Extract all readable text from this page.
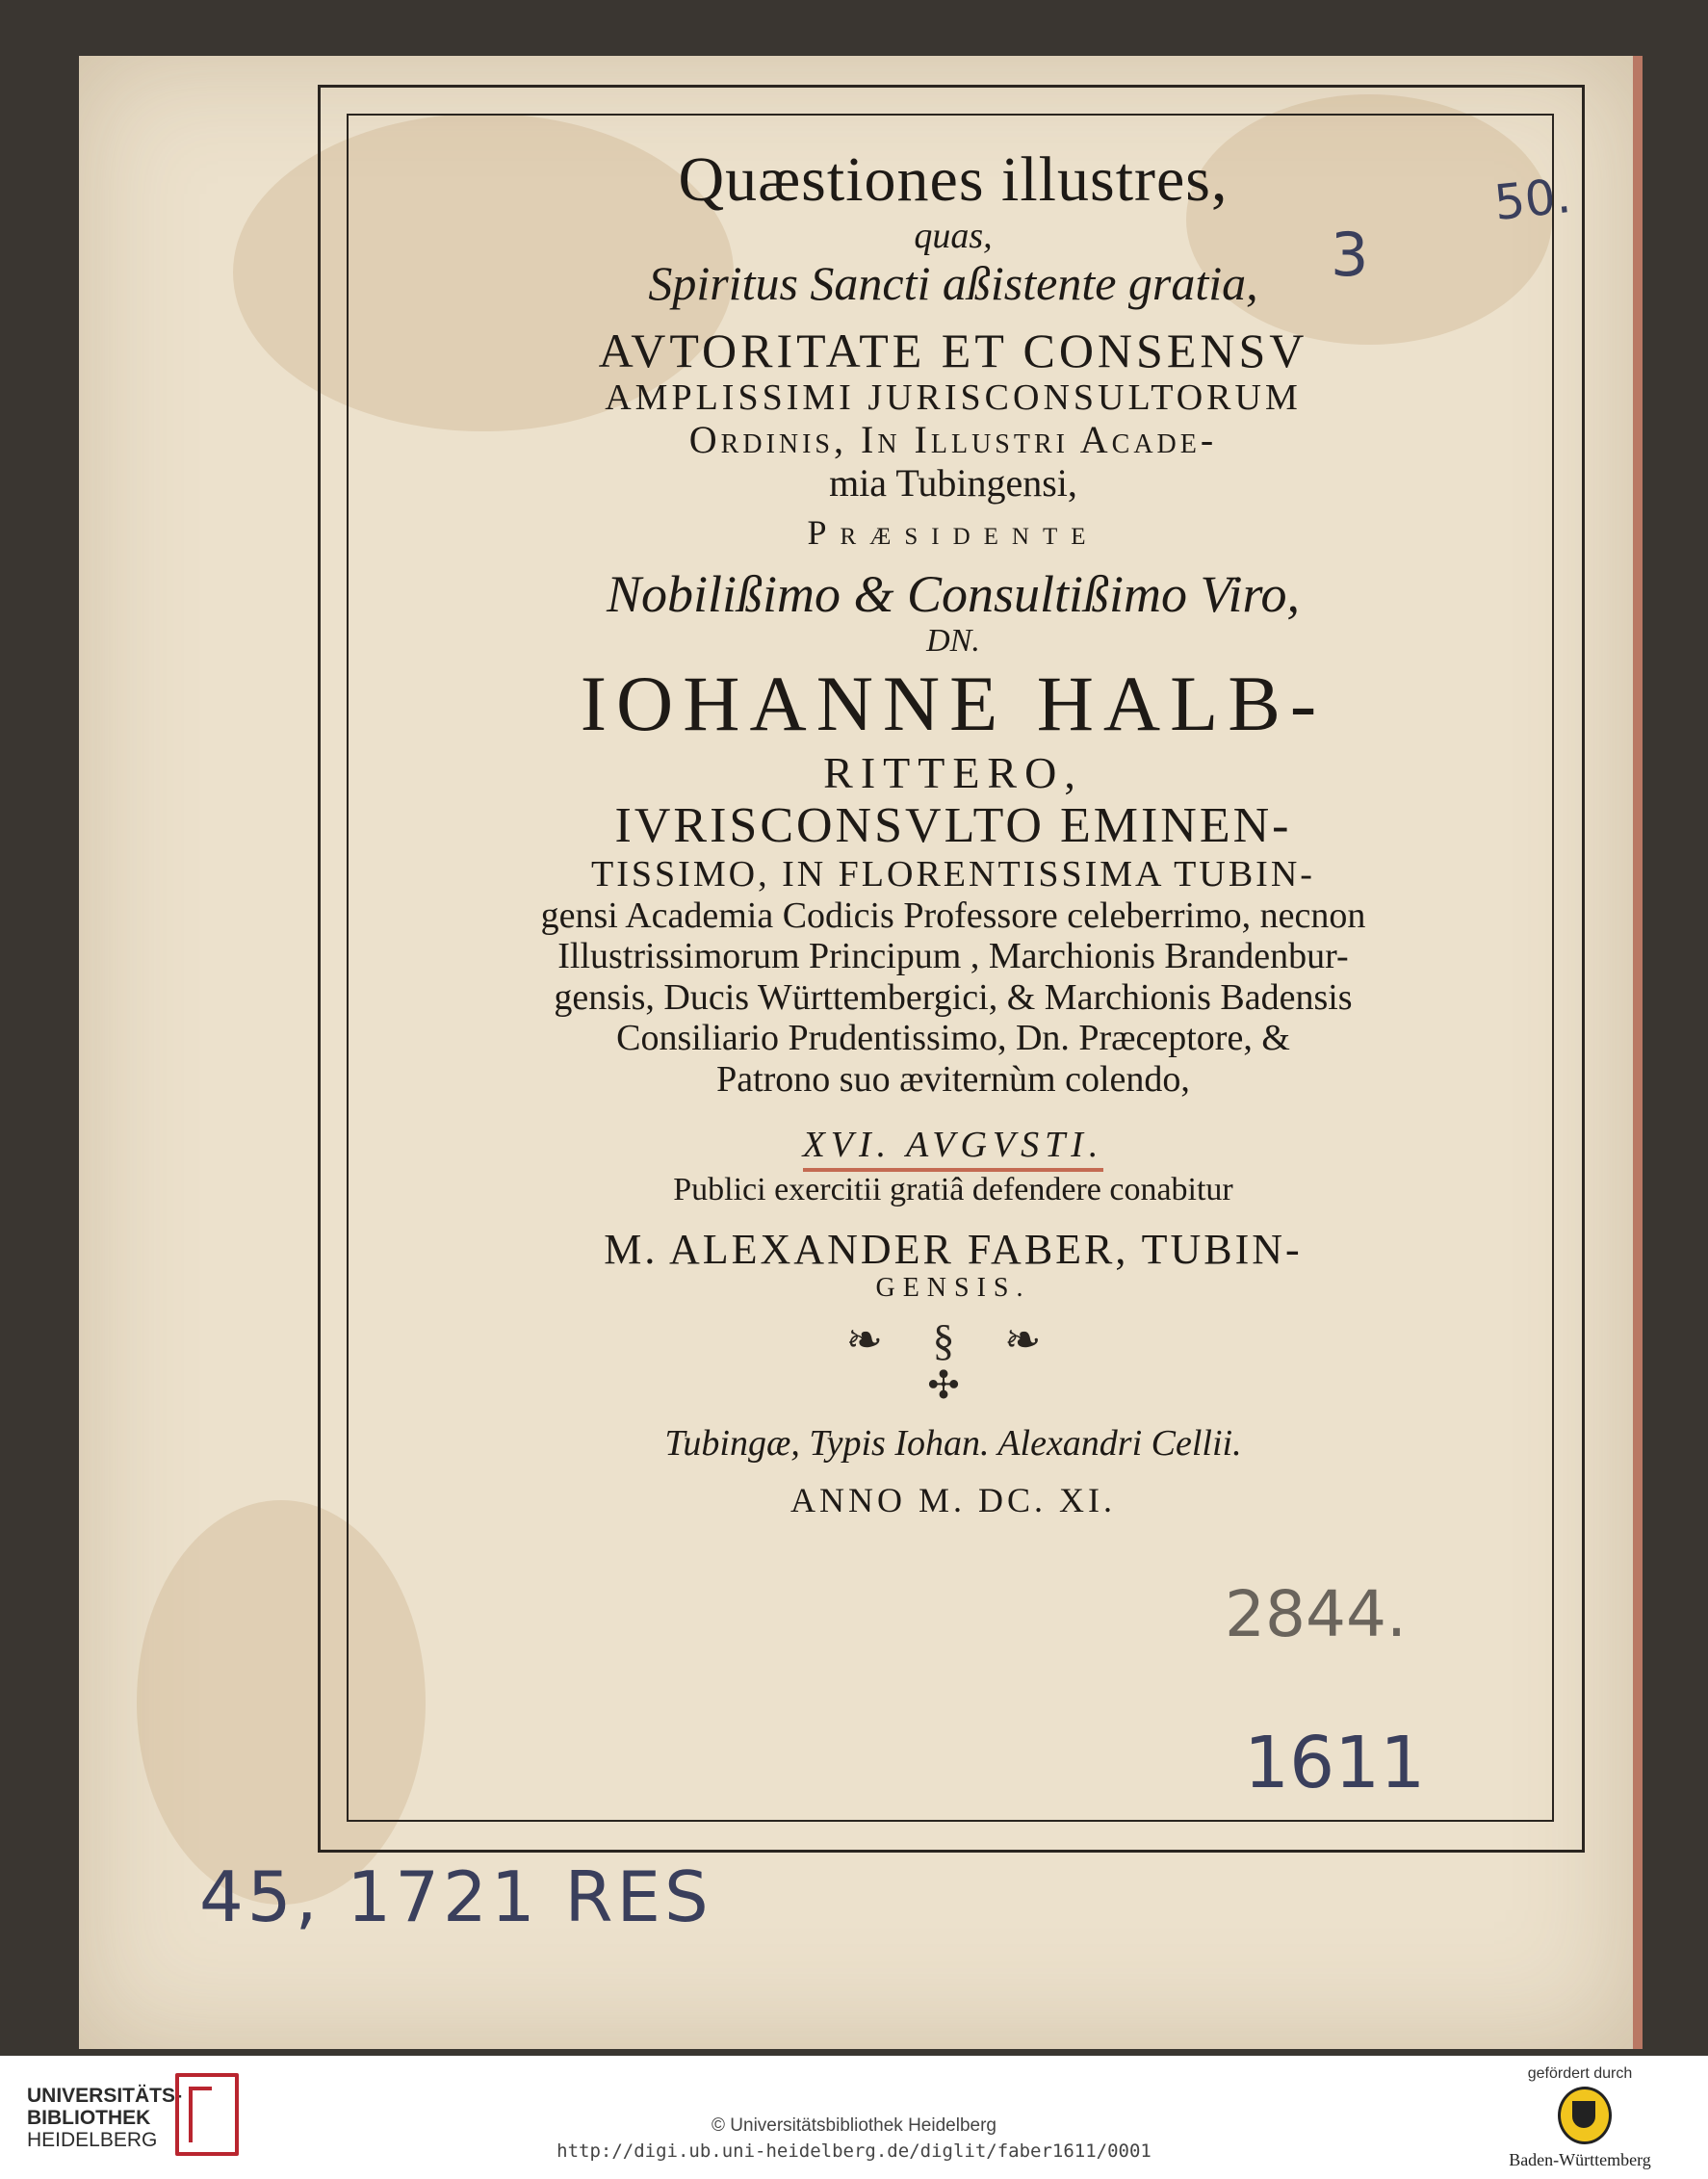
50.
3
2844.
1611
45, 1721 RES
Quæstiones illustres,
quas,
Spiritus Sancti aßistente gratia,
AVTORITATE ET CONSENSV
AMPLISSIMI JURISCONSULTORUM
Ordinis, In Illustri Acade-
mia Tubingensi,
Præsidente
Nobilißimo & Consultißimo Viro,
DN.
IOHANNE HALB-
RITTERO,
IVRISCONSVLTO EMINEN-
TISSIMO, IN FLORENTISSIMA TUBIN-
gensi Academia Codicis Professore celeberrimo, necnon
Illustrissimorum Principum , Marchionis Brandenbur-
gensis, Ducis Württembergici, & Marchionis Badensis
Consiliario Prudentissimo, Dn. Præceptore, &
Patrono suo æviternùm colendo,
XVI. AVGVSTI.
Publici exercitii gratiâ defendere conabitur
M. ALEXANDER FABER, TUBIN-
GENSIS.
❧ § ❧
✣
Tubingæ, Typis Iohan. Alexandri Cellii.
ANNO M. DC. XI.
UNIVERSITÄTS-
BIBLIOTHEK
HEIDELBERG
© Universitätsbibliothek Heidelberg
http://digi.ub.uni-heidelberg.de/diglit/faber1611/0001
gefördert durch
Baden-Württemberg
